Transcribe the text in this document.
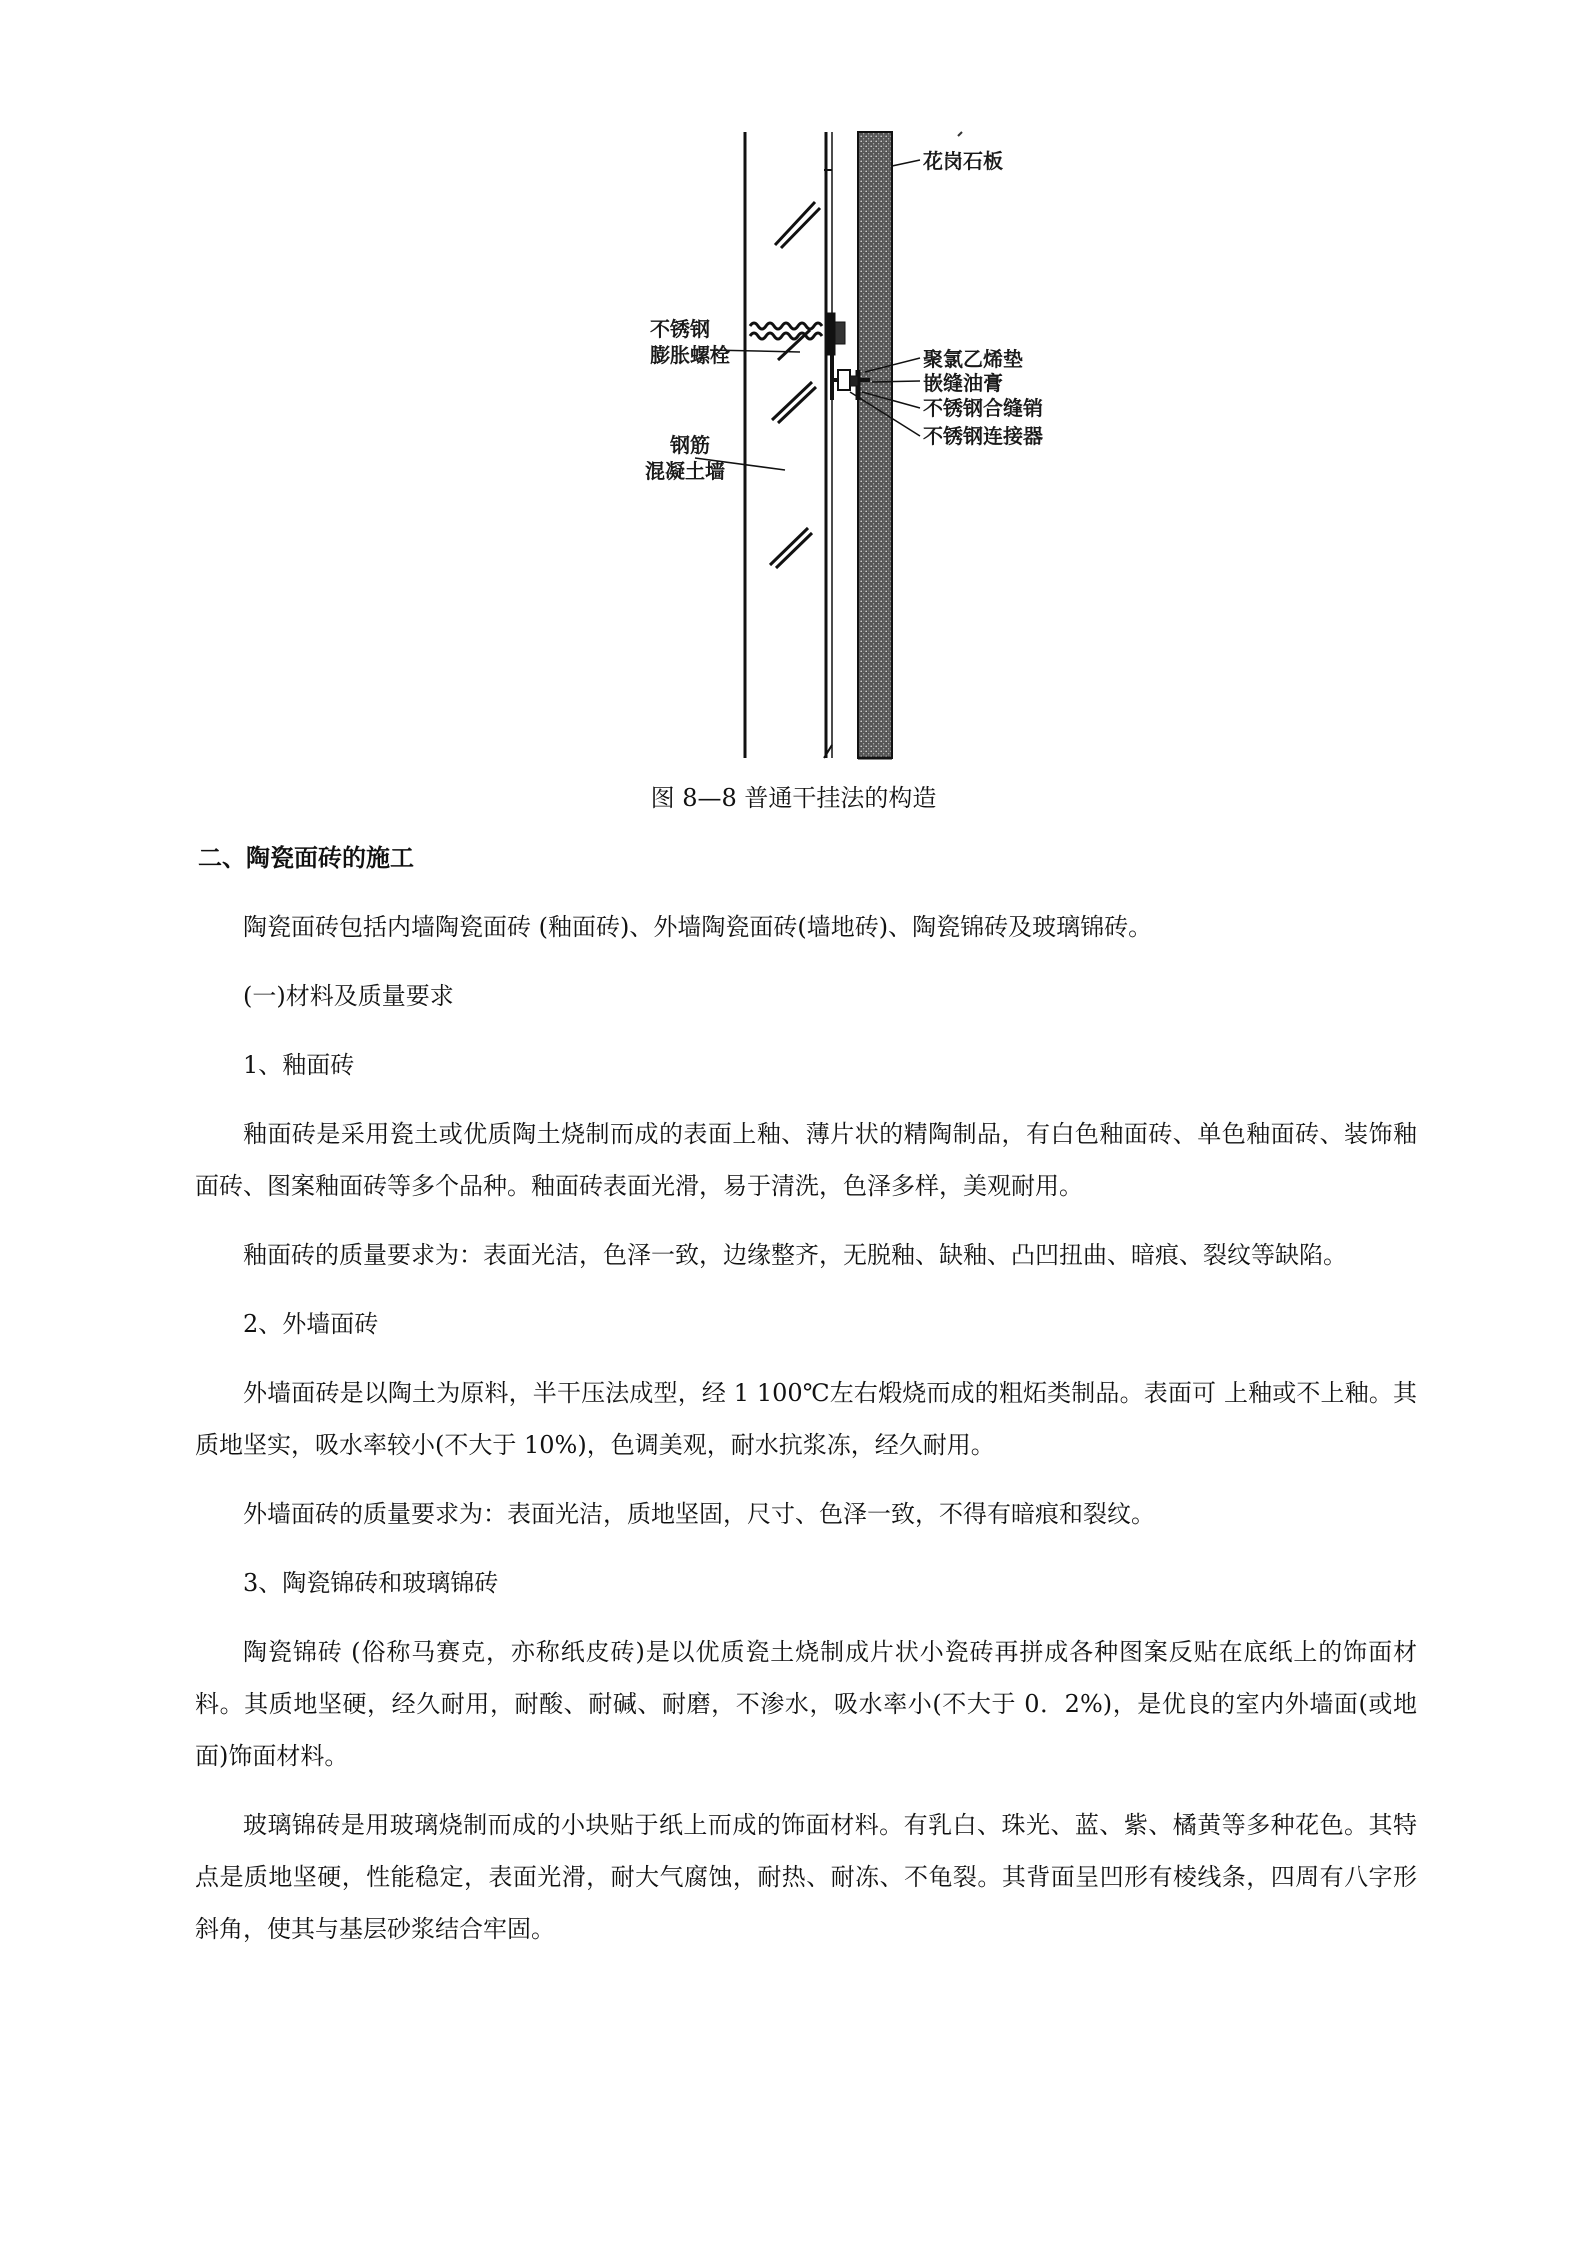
花岗石板
不锈钢
膨胀螺栓	聚氯乙烯垫
嵌缝油膏
不锈钢合缝销
不锈钢连接器
钢筋
混凝土墙
图 8—8 普通干挂法的构造

二、陶瓷面砖的施工

陶瓷面砖包括内墙陶瓷面砖 (釉面砖)、外墙陶瓷面砖(墙地砖)、陶瓷锦砖及玻璃锦砖。

(一)材料及质量要求

1、釉面砖

釉面砖是采用瓷土或优质陶土烧制而成的表面上釉、薄片状的精陶制品，有白色釉面砖、单色釉面砖、装饰釉面砖、图案釉面砖等多个品种。釉面砖表面光滑，易于清洗，色泽多样，美观耐用。

釉面砖的质量要求为：表面光洁，色泽一致，边缘整齐，无脱釉、缺釉、凸凹扭曲、暗痕、裂纹等缺陷。

2、外墙面砖

外墙面砖是以陶土为原料，半干压法成型，经 1 100℃左右煅烧而成的粗炻类制品。表面可 上釉或不上釉。其质地坚实，吸水率较小(不大于 10%)，色调美观，耐水抗浆冻，经久耐用。

外墙面砖的质量要求为：表面光洁，质地坚固，尺寸、色泽一致，不得有暗痕和裂纹。

3、陶瓷锦砖和玻璃锦砖

陶瓷锦砖 (俗称马赛克，亦称纸皮砖)是以优质瓷土烧制成片状小瓷砖再拼成各种图案反贴在底纸上的饰面材料。其质地坚硬，经久耐用，耐酸、耐碱、耐磨，不渗水，吸水率小(不大于 0．2%)，是优良的室内外墙面(或地面)饰面材料。

玻璃锦砖是用玻璃烧制而成的小块贴于纸上而成的饰面材料。有乳白、珠光、蓝、紫、橘黄等多种花色。其特点是质地坚硬，性能稳定，表面光滑，耐大气腐蚀，耐热、耐冻、不龟裂。其背面呈凹形有棱线条，四周有八字形斜角，使其与基层砂浆结合牢固。
